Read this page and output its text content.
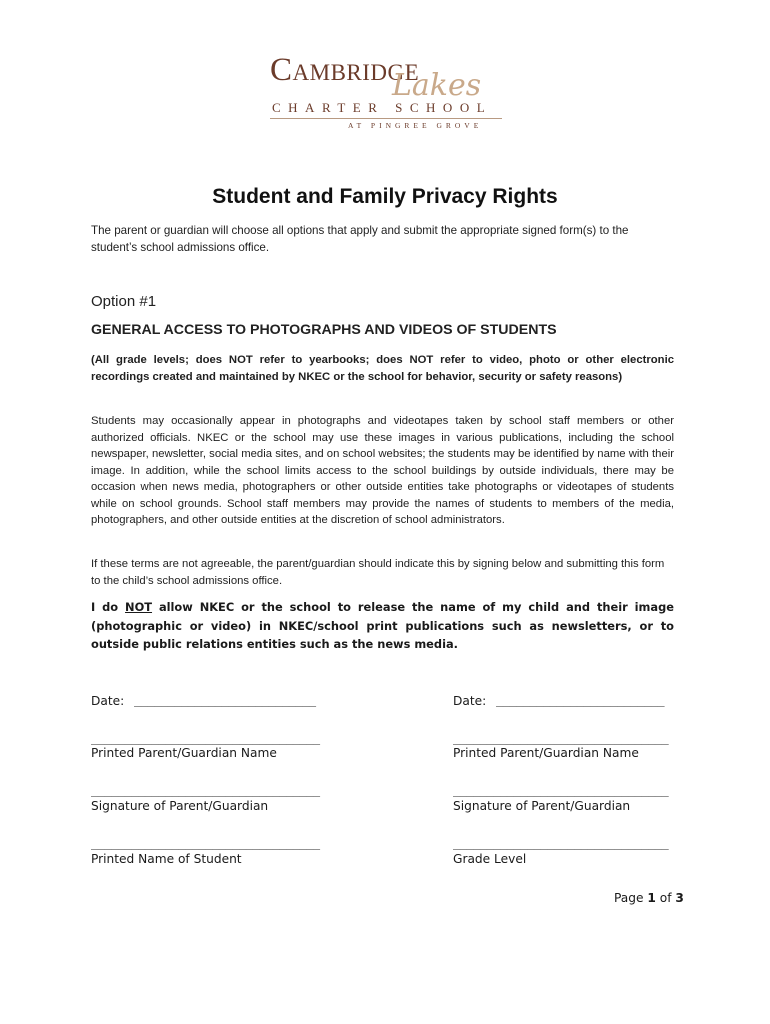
Cambridge
Lakes
CHARTER SCHOOL
AT PINGREE GROVE
Student and Family Privacy Rights
The parent or guardian will choose all options that apply and submit the appropriate signed form(s) to the student’s school admissions office.
Option #1
GENERAL ACCESS TO PHOTOGRAPHS AND VIDEOS OF STUDENTS
(All grade levels; does NOT refer to yearbooks; does NOT refer to video, photo or other electronic recordings created and maintained by NKEC or the school for behavior, security or safety reasons)
Students may occasionally appear in photographs and videotapes taken by school staff members or other authorized officials. NKEC or the school may use these images in various publications, including the school newspaper, newsletter, social media sites, and on school websites; the students may be identified by name with their image. In addition, while the school limits access to the school buildings by outside individuals, there may be occasion when news media, photographers or other outside entities take photographs or videotapes of students while on school grounds. School staff members may provide the names of students to members of the media, photographers, and other outside entities at the discretion of school administrators.
If these terms are not agreeable, the parent/guardian should indicate this by signing below and submitting this form to the child’s school admissions office.
I do NOT allow NKEC or the school to release the name of my child and their image (photographic or video) in NKEC/school print publications such as newsletters, or to outside public relations entities such as the news media.
Date: ___________________________
__________________________________
Printed Parent/Guardian Name
__________________________________
Signature of Parent/Guardian
__________________________________
Printed Name of Student
Date: _________________________
________________________________
Printed Parent/Guardian Name
________________________________
Signature of Parent/Guardian
________________________________
Grade Level
Page 1 of 3
